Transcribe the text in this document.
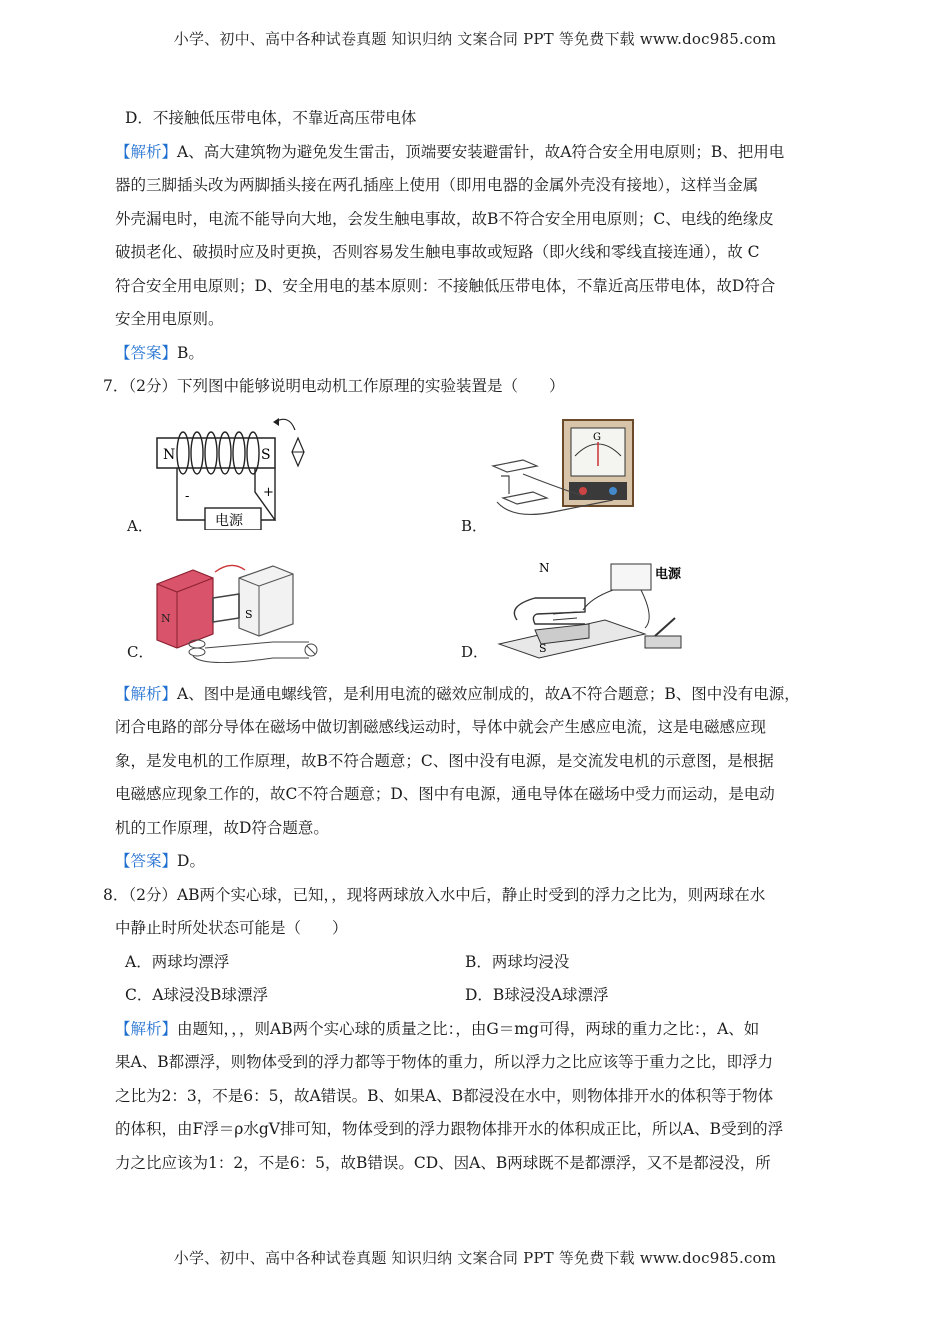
小学、初中、高中各种试卷真题 知识归纳 文案合同 PPT 等免费下载 www.doc985.com
D．不接触低压带电体，不靠近高压带电体
【解析】A、高大建筑物为避免发生雷击，顶端要安装避雷针，故A符合安全用电原则；B、把用电
器的三脚插头改为两脚插头接在两孔插座上使用（即用电器的金属外壳没有接地），这样当金属
外壳漏电时，电流不能导向大地，会发生触电事故，故B不符合安全用电原则；C、电线的绝缘皮
破损老化、破损时应及时更换，否则容易发生触电事故或短路（即火线和零线直接连通），故 C
符合安全用电原则；D、安全用电的基本原则：不接触低压带电体，不靠近高压带电体，故D符合
安全用电原则。
【答案】B。
7．（2分）下列图中能够说明电动机工作原理的实验装置是（　　）
N	S
-	+
电源
A．
G
B．
N	S
C．
N	电源
S
D．
【解析】A、图中是通电螺线管，是利用电流的磁效应制成的，故A不符合题意；B、图中没有电源，
闭合电路的部分导体在磁场中做切割磁感线运动时，导体中就会产生感应电流，这是电磁感应现
象，是发电机的工作原理，故B不符合题意；C、图中没有电源，是交流发电机的示意图，是根据
电磁感应现象工作的，故C不符合题意；D、图中有电源，通电导体在磁场中受力而运动，是电动
机的工作原理，故D符合题意。
【答案】D。
8．（2分）AB两个实心球，已知，，现将两球放入水中后，静止时受到的浮力之比为，则两球在水
中静止时所处状态可能是（　　）
A．两球均漂浮	B．两球均浸没
C．A球浸没B球漂浮	D．B球浸没A球漂浮
【解析】由题知，，，则AB两个实心球的质量之比：，由G＝mg可得，两球的重力之比：，A、如
果A、B都漂浮，则物体受到的浮力都等于物体的重力，所以浮力之比应该等于重力之比，即浮力
之比为2：3，不是6：5，故A错误。B、如果A、B都浸没在水中，则物体排开水的体积等于物体
的体积，由F浮＝ρ水gV排可知，物体受到的浮力跟物体排开水的体积成正比，所以A、B受到的浮
力之比应该为1：2，不是6：5，故B错误。CD、因A、B两球既不是都漂浮，又不是都浸没，所
小学、初中、高中各种试卷真题 知识归纳 文案合同 PPT 等免费下载 www.doc985.com
